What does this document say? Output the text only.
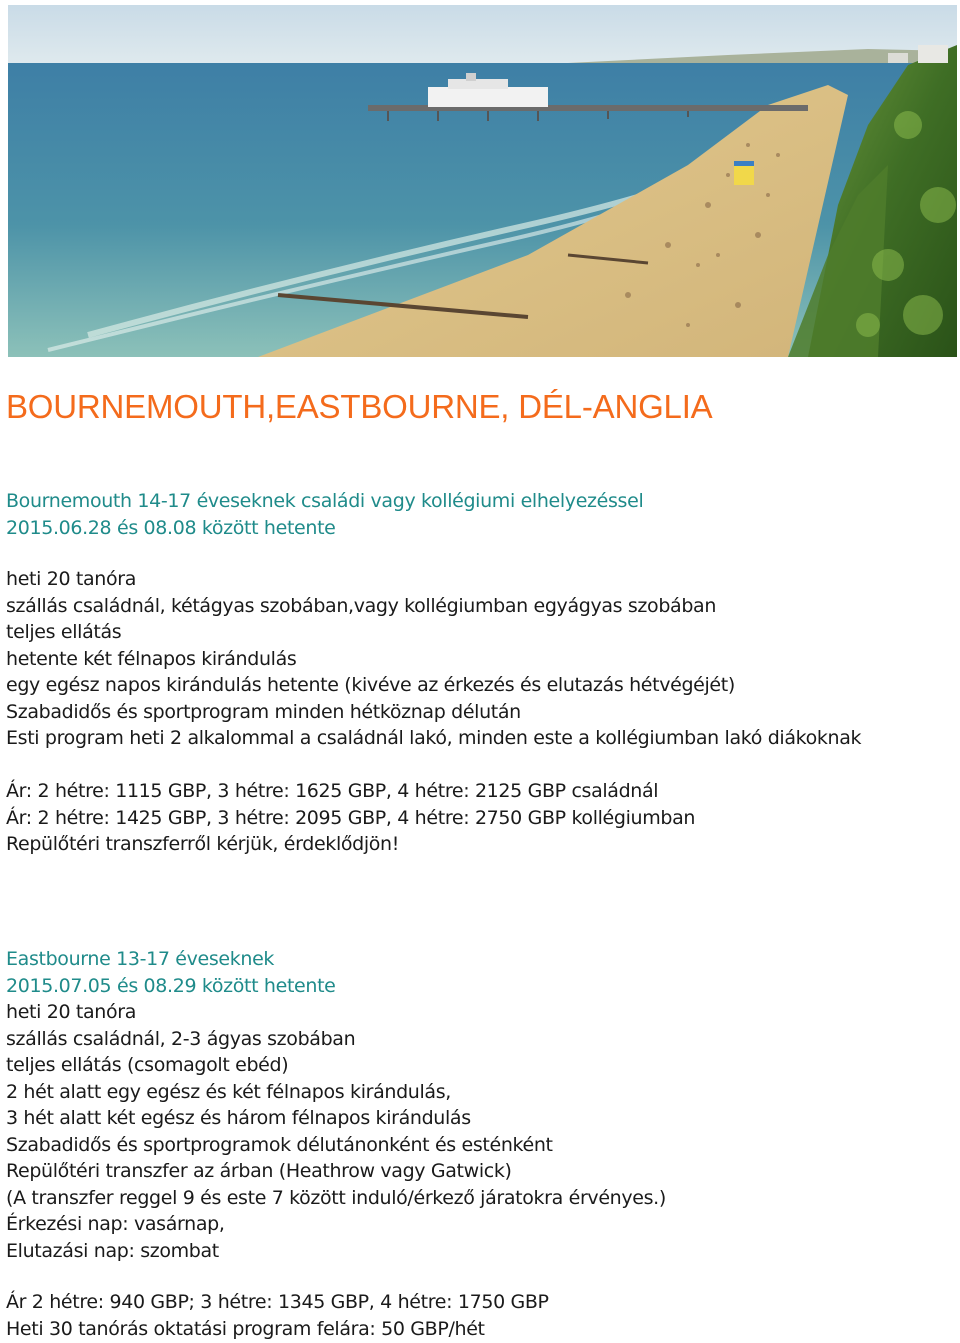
BOURNEMOUTH,EASTBOURNE, DÉL-ANGLIA
Bournemouth 14-17 éveseknek családi vagy kollégiumi elhelyezéssel
2015.06.28 és 08.08 között hetente
heti 20 tanóra
szállás családnál, kétágyas szobában,vagy kollégiumban egyágyas szobában
teljes ellátás
hetente két félnapos kirándulás
egy egész napos kirándulás hetente (kivéve az érkezés és elutazás hétvégéjét)
Szabadidős és sportprogram minden hétköznap délután
Esti program heti 2 alkalommal a családnál lakó, minden este a kollégiumban lakó diákoknak
Ár: 2 hétre: 1115 GBP, 3 hétre: 1625 GBP, 4 hétre: 2125 GBP családnál
Ár: 2 hétre: 1425 GBP, 3 hétre: 2095 GBP, 4 hétre: 2750 GBP kollégiumban
Repülőtéri transzferről kérjük, érdeklődjön!
Eastbourne 13-17 éveseknek
2015.07.05 és 08.29 között hetente
heti 20 tanóra
szállás családnál, 2-3 ágyas szobában
teljes ellátás (csomagolt ebéd)
2 hét alatt egy egész és két félnapos kirándulás,
3 hét alatt két egész és három félnapos kirándulás
Szabadidős és sportprogramok délutánonként és esténként
Repülőtéri transzfer az árban (Heathrow vagy Gatwick)
(A transzfer reggel 9 és este 7 között induló/érkező járatokra érvényes.)
Érkezési nap: vasárnap,
Elutazási nap: szombat
Ár 2 hétre: 940 GBP; 3 hétre: 1345 GBP, 4 hétre: 1750 GBP
Heti 30 tanórás oktatási program felára: 50 GBP/hét
